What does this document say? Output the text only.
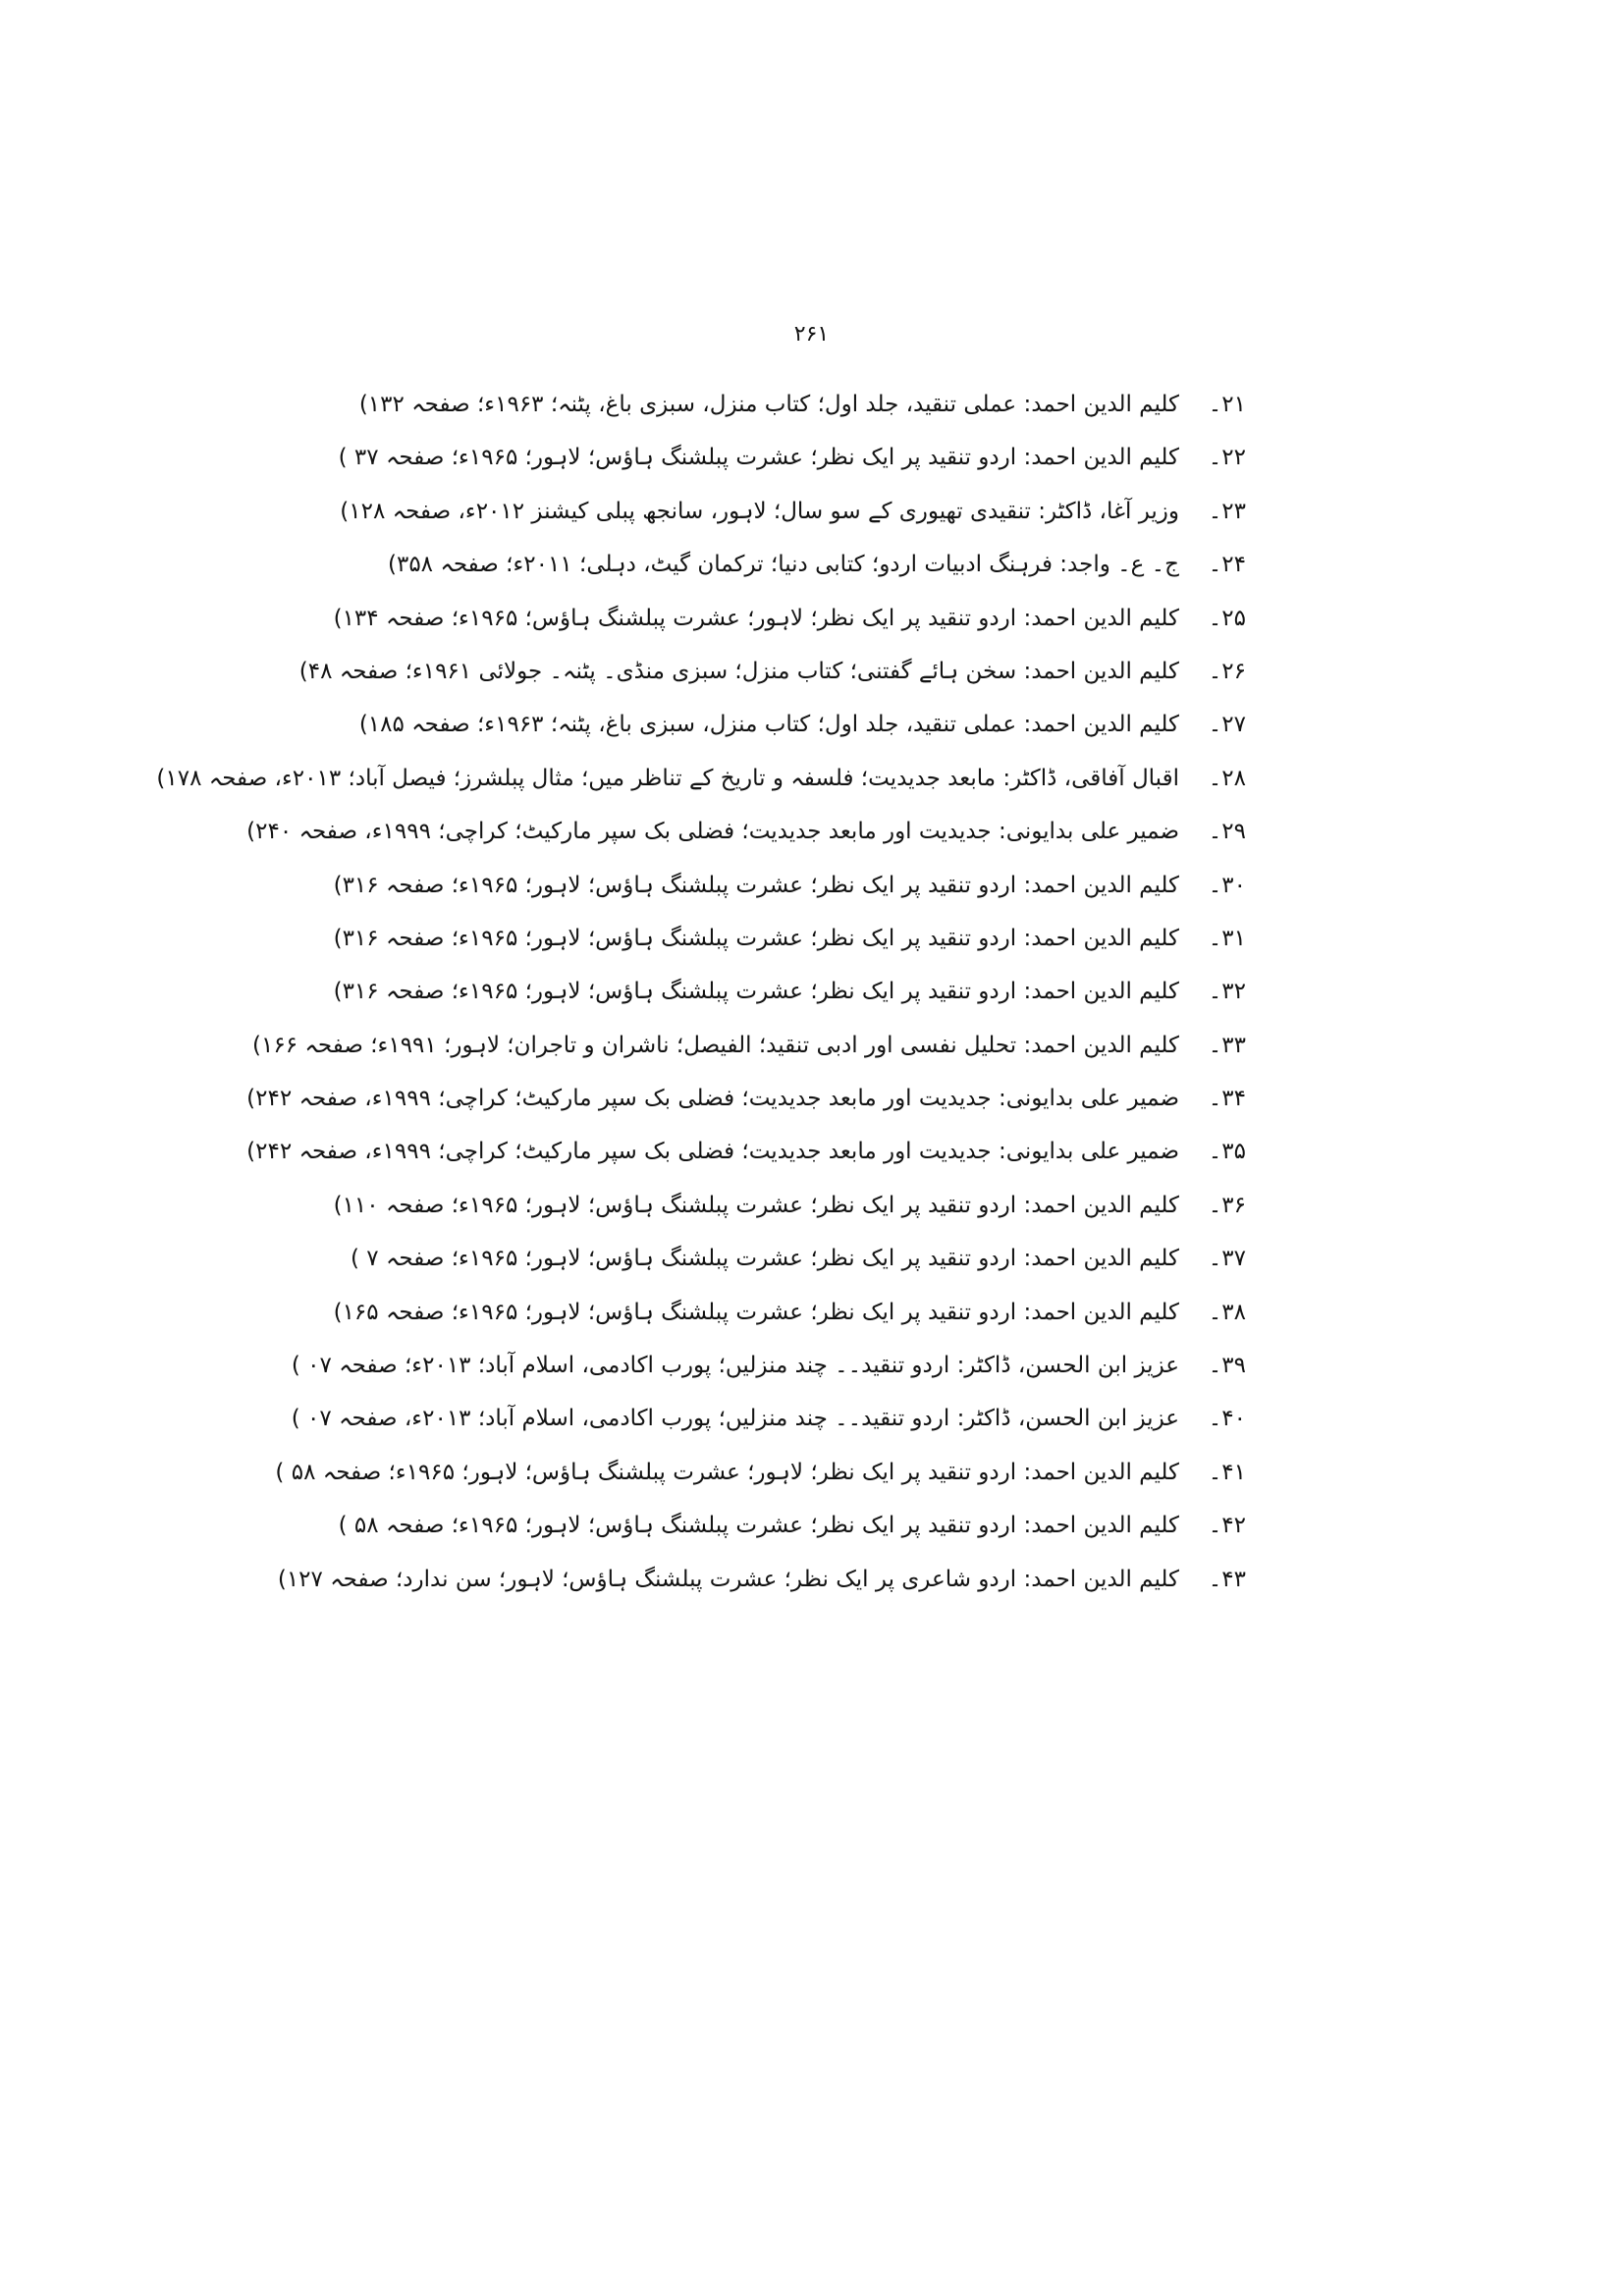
۲۶۱
۲۱۔کلیم الدین احمد: عملی تنقید، جلد اول؛ کتاب منزل، سبزی باغ، پٹنہ؛ ۱۹۶۳ء؛ صفحہ ۱۳۲)
۲۲۔کلیم الدین احمد: اردو تنقید پر ایک نظر؛ عشرت پبلشنگ ہاؤس؛ لاہور؛ ۱۹۶۵ء؛ صفحہ ۳۷ )
۲۳۔وزیر آغا، ڈاکٹر: تنقیدی تھیوری کے سو سال؛ لاہور، سانجھ پبلی کیشنز ۲۰۱۲ء، صفحہ ۱۲۸)
۲۴۔ج۔ ع۔ واجد: فرہنگ ادبیات اردو؛ کتابی دنیا؛ ترکمان گیٹ، دہلی؛ ۲۰۱۱ء؛ صفحہ ۳۵۸)
۲۵۔کلیم الدین احمد: اردو تنقید پر ایک نظر؛ لاہور؛ عشرت پبلشنگ ہاؤس؛ ۱۹۶۵ء؛ صفحہ ۱۳۴)
۲۶۔کلیم الدین احمد: سخن ہائے گفتنی؛ کتاب منزل؛ سبزی منڈی۔ پٹنہ۔ جولائی ۱۹۶۱ء؛ صفحہ ۴۸)
۲۷۔کلیم الدین احمد: عملی تنقید، جلد اول؛ کتاب منزل، سبزی باغ، پٹنہ؛ ۱۹۶۳ء؛ صفحہ ۱۸۵)
۲۸۔اقبال آفاقی، ڈاکٹر: مابعد جدیدیت؛ فلسفہ و تاریخ کے تناظر میں؛ مثال پبلشرز؛ فیصل آباد؛ ۲۰۱۳ء، صفحہ ۱۷۸)
۲۹۔ضمیر علی بدایونی: جدیدیت اور مابعد جدیدیت؛ فضلی بک سپر مارکیٹ؛ کراچی؛ ۱۹۹۹ء، صفحہ ۲۴۰)
۳۰۔کلیم الدین احمد: اردو تنقید پر ایک نظر؛ عشرت پبلشنگ ہاؤس؛ لاہور؛ ۱۹۶۵ء؛ صفحہ ۳۱۶)
۳۱۔کلیم الدین احمد: اردو تنقید پر ایک نظر؛ عشرت پبلشنگ ہاؤس؛ لاہور؛ ۱۹۶۵ء؛ صفحہ ۳۱۶)
۳۲۔کلیم الدین احمد: اردو تنقید پر ایک نظر؛ عشرت پبلشنگ ہاؤس؛ لاہور؛ ۱۹۶۵ء؛ صفحہ ۳۱۶)
۳۳۔کلیم الدین احمد: تحلیل نفسی اور ادبی تنقید؛ الفیصل؛ ناشران و تاجران؛ لاہور؛ ۱۹۹۱ء؛ صفحہ ۱۶۶)
۳۴۔ضمیر علی بدایونی: جدیدیت اور مابعد جدیدیت؛ فضلی بک سپر مارکیٹ؛ کراچی؛ ۱۹۹۹ء، صفحہ ۲۴۲)
۳۵۔ضمیر علی بدایونی: جدیدیت اور مابعد جدیدیت؛ فضلی بک سپر مارکیٹ؛ کراچی؛ ۱۹۹۹ء، صفحہ ۲۴۲)
۳۶۔کلیم الدین احمد: اردو تنقید پر ایک نظر؛ عشرت پبلشنگ ہاؤس؛ لاہور؛ ۱۹۶۵ء؛ صفحہ ۱۱۰)
۳۷۔کلیم الدین احمد: اردو تنقید پر ایک نظر؛ عشرت پبلشنگ ہاؤس؛ لاہور؛ ۱۹۶۵ء؛ صفحہ ۷ )
۳۸۔کلیم الدین احمد: اردو تنقید پر ایک نظر؛ عشرت پبلشنگ ہاؤس؛ لاہور؛ ۱۹۶۵ء؛ صفحہ ۱۶۵)
۳۹۔عزیز ابن الحسن، ڈاکٹر: اردو تنقید۔۔ چند منزلیں؛ پورب اکادمی، اسلام آباد؛ ۲۰۱۳ء؛ صفحہ ۰۷ )
۴۰۔عزیز ابن الحسن، ڈاکٹر: اردو تنقید۔۔ چند منزلیں؛ پورب اکادمی، اسلام آباد؛ ۲۰۱۳ء، صفحہ ۰۷ )
۴۱۔کلیم الدین احمد: اردو تنقید پر ایک نظر؛ لاہور؛ عشرت پبلشنگ ہاؤس؛ لاہور؛ ۱۹۶۵ء؛ صفحہ ۵۸ )
۴۲۔کلیم الدین احمد: اردو تنقید پر ایک نظر؛ عشرت پبلشنگ ہاؤس؛ لاہور؛ ۱۹۶۵ء؛ صفحہ ۵۸ )
۴۳۔کلیم الدین احمد: اردو شاعری پر ایک نظر؛ عشرت پبلشنگ ہاؤس؛ لاہور؛ سن ندارد؛ صفحہ ۱۲۷)
